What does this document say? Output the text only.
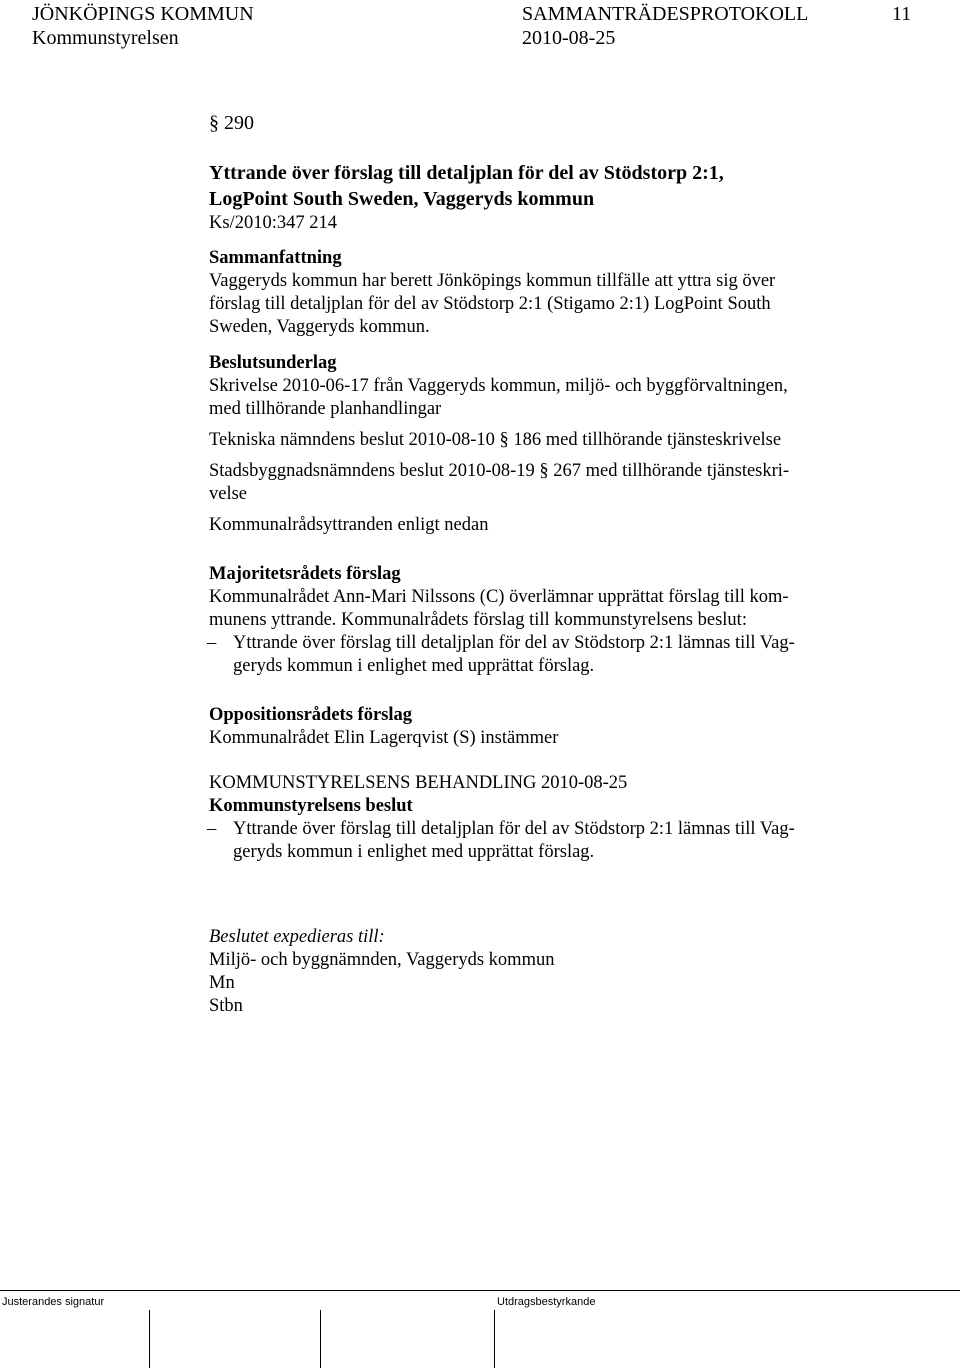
JÖNKÖPINGS KOMMUN
Kommunstyrelsen
SAMMANTRÄDESPROTOKOLL
2010-08-25
11

§ 290

Yttrande över förslag till detaljplan för del av Stödstorp 2:1,

LogPoint South Sweden, Vaggeryds kommun

Ks/2010:347 214

Sammanfattning

Vaggeryds kommun har berett Jönköpings kommun tillfälle att yttra sig över

förslag till detaljplan för del av Stödstorp 2:1 (Stigamo 2:1) LogPoint South

Sweden, Vaggeryds kommun.

Beslutsunderlag

Skrivelse 2010-06-17 från Vaggeryds kommun, miljö- och byggförvaltningen,

med tillhörande planhandlingar

Tekniska nämndens beslut 2010-08-10 § 186 med tillhörande tjänsteskrivelse

Stadsbyggnadsnämndens beslut 2010-08-19 § 267 med tillhörande tjänsteskri-

velse

Kommunalrådsyttranden enligt nedan

Majoritetsrådets förslag

Kommunalrådet Ann-Mari Nilssons (C) överlämnar upprättat förslag till kom-

munens yttrande. Kommunalrådets förslag till kommunstyrelsens beslut:

– Yttrande över förslag till detaljplan för del av Stödstorp 2:1 lämnas till Vag-

geryds kommun i enlighet med upprättat förslag.

Oppositionsrådets förslag

Kommunalrådet Elin Lagerqvist (S) instämmer

KOMMUNSTYRELSENS BEHANDLING 2010-08-25

Kommunstyrelsens beslut

– Yttrande över förslag till detaljplan för del av Stödstorp 2:1 lämnas till Vag-

geryds kommun i enlighet med upprättat förslag.

Beslutet expedieras till:

Miljö- och byggnämnden, Vaggeryds kommun

Mn

Stbn

Justerandes signatur	Utdragsbestyrkande
